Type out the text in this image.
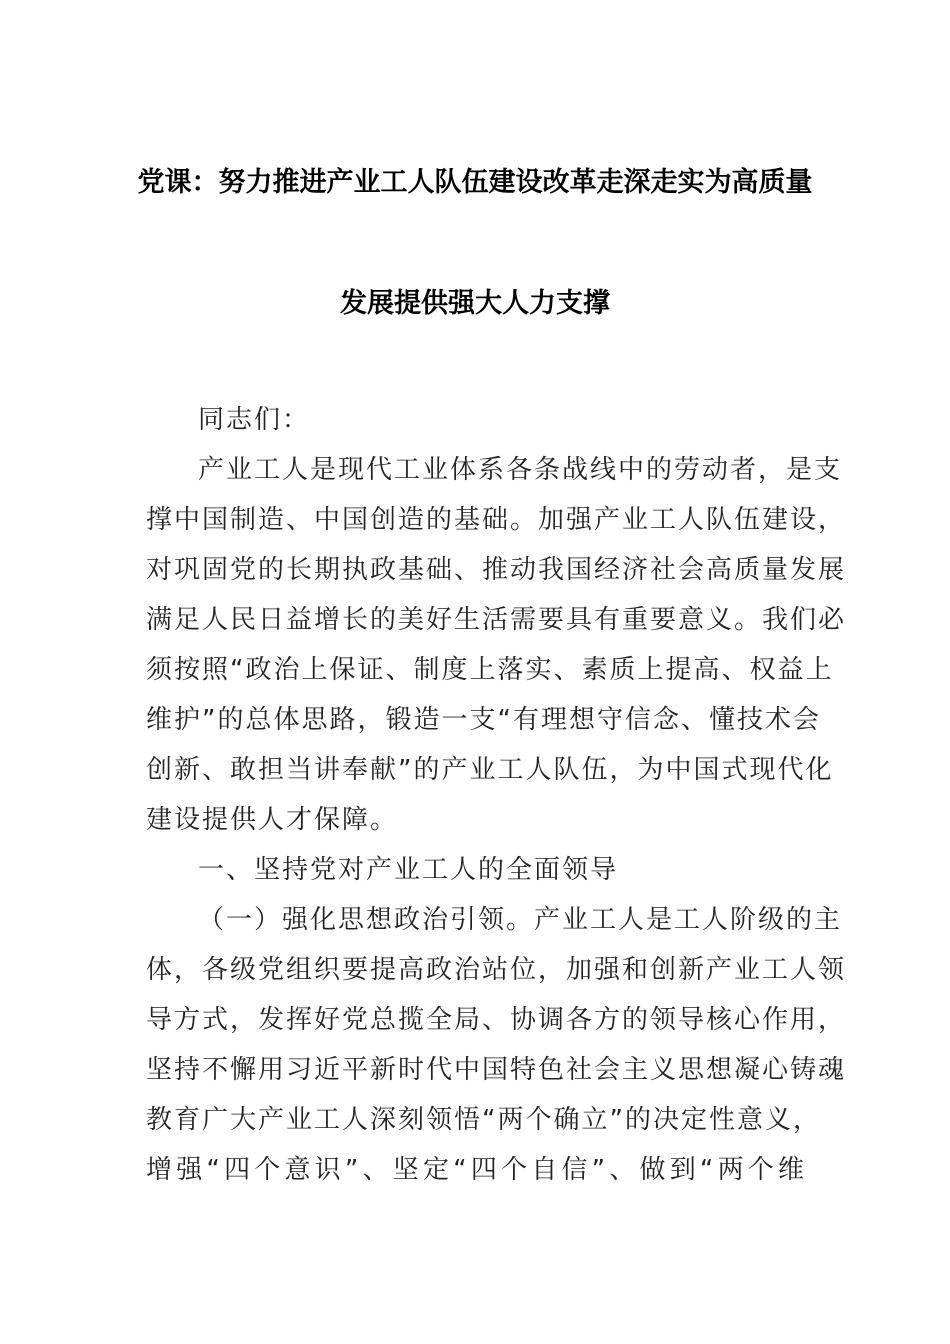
党课：努力推进产业工人队伍建设改革走深走实为高质量
发展提供强大人力支撑
同志们：
产业工人是现代工业体系各条战线中的劳动者，是支
撑中国制造、中国创造的基础。加强产业工人队伍建设，
对巩固党的长期执政基础、推动我国经济社会高质量发展
满足人民日益增长的美好生活需要具有重要意义。我们必
须按照“政治上保证、制度上落实、素质上提高、权益上
维护”的总体思路，锻造一支“有理想守信念、懂技术会
创新、敢担当讲奉献”的产业工人队伍，为中国式现代化
建设提供人才保障。
一、坚持党对产业工人的全面领导
（一）强化思想政治引领。产业工人是工人阶级的主
体，各级党组织要提高政治站位，加强和创新产业工人领
导方式，发挥好党总揽全局、协调各方的领导核心作用，
坚持不懈用习近平新时代中国特色社会主义思想凝心铸魂
教育广大产业工人深刻领悟“两个确立”的决定性意义，
增强“四个意识”、坚定“四个自信”、做到“两个维
